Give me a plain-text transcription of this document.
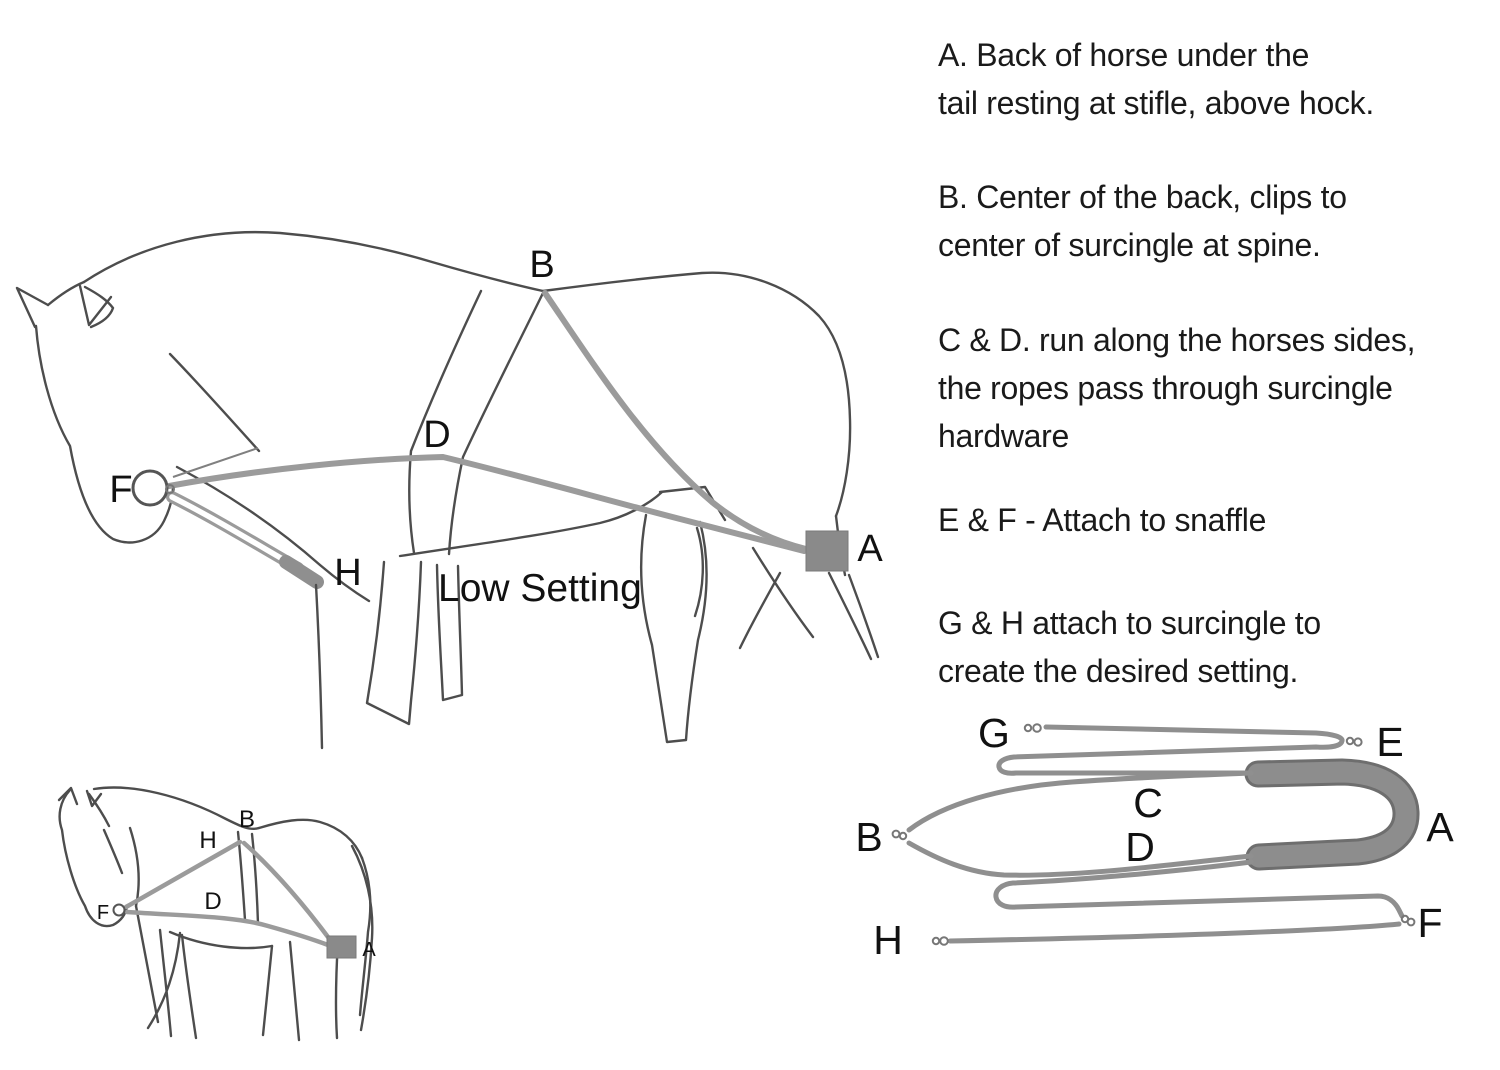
B
D
F
H
A
Low Setting
B
H
D
F
A
G	E
B
C
D	A
H	F
A. Back of horse under the
tail resting at stifle, above hock.
B. Center of the back, clips to
center of surcingle at spine.
C & D. run along the horses sides,
the ropes pass through surcingle
hardware
E & F - Attach to snaffle
G & H attach to surcingle to
create the desired setting.
